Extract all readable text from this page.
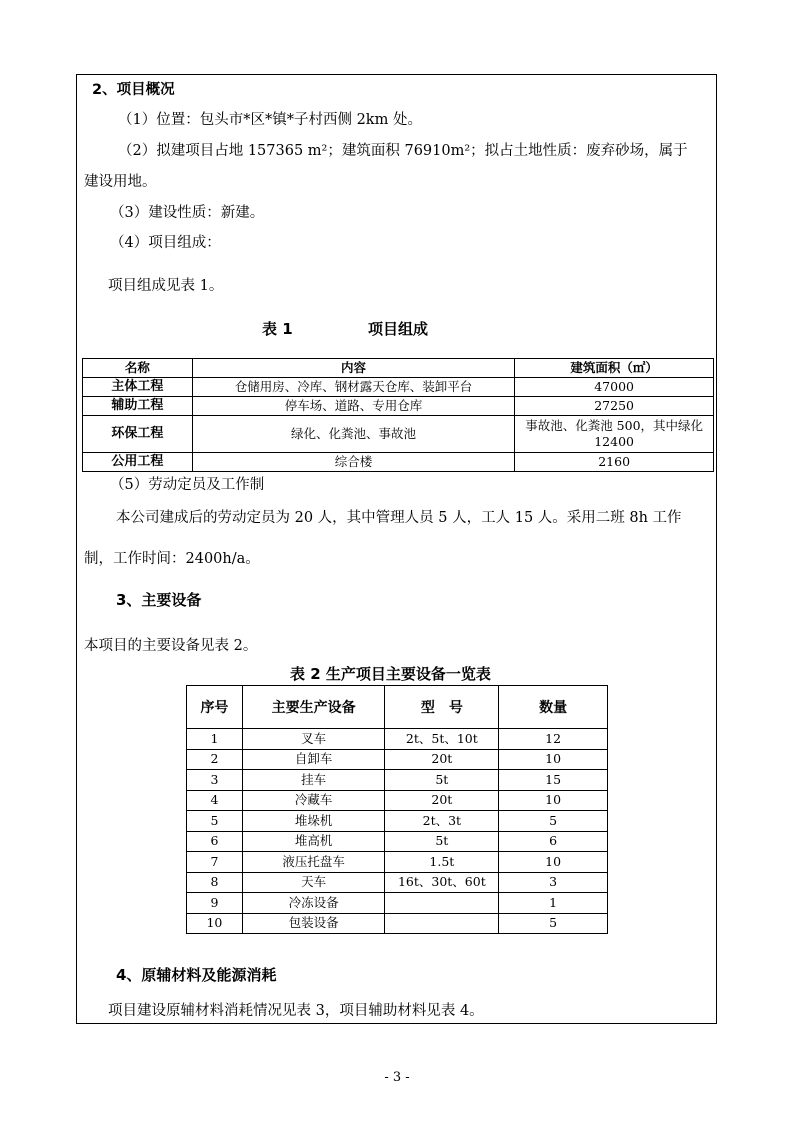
2、项目概况
（1）位置：包头市*区*镇*子村西侧 2km 处。
（2）拟建项目占地 157365 m²；建筑面积 76910m²；拟占土地性质：废弃砂场，属于
建设用地。
（3）建设性质：新建。
（4）项目组成：
项目组成见表 1。
表 1	项目组成
名称	内容	建筑面积（㎡）
主体工程	仓储用房、冷库、钢材露天仓库、装卸平台	47000
辅助工程	停车场、道路、专用仓库	27250
环保工程	绿化、化粪池、事故池	事故池、化粪池 500，其中绿化 12400
公用工程	综合楼	2160
（5）劳动定员及工作制
本公司建成后的劳动定员为 20 人，其中管理人员 5 人，工人 15 人。采用二班 8h 工作
制，工作时间：2400h/a。
3、主要设备
本项目的主要设备见表 2。
表 2 生产项目主要设备一览表
序号	主要生产设备	型　号	数量
1	叉车	2t、5t、10t	12
2	自卸车	20t	10
3	挂车	5t	15
4	冷藏车	20t	10
5	堆垛机	2t、3t	5
6	堆高机	5t	6
7	液压托盘车	1.5t	10
8	天车	16t、30t、60t	3
9	冷冻设备		1
10	包装设备		5
4、原辅材料及能源消耗
项目建设原辅材料消耗情况见表 3，项目辅助材料见表 4。
- 3 -
